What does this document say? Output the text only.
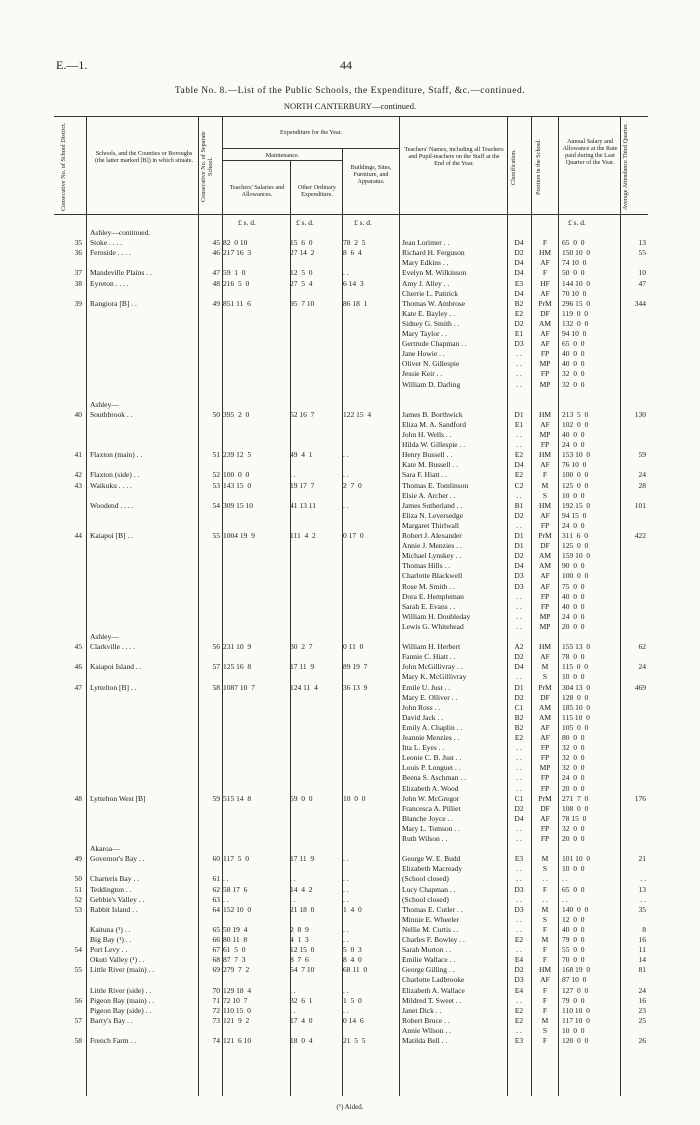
E.—1.	44
Table No. 8.—List of the Public Schools, the Expenditure, Staff, &c.—continued.
NORTH CANTERBURY—continued.
Consecutive No. of School District.	Schools, and the Counties or Boroughs (the latter marked [B]) in which situate. Consecutive No. of Separate School.
Expenditure for the Year.
Maintenance.
Teachers' Salaries and Allowances.
Other Ordinary Expenditure.
Buildings, Sites, Furniture, and Apparatus.
Teachers' Names, including all Teachers and Pupil-teachers on the Staff at the End of the Year.	Classification.	Position in the School.	Annual Salary and Allowance at the Rate paid during the Last Quarter of the Year.	Average Attendance Third Quarter.
£ s. d.	£ s. d.	£ s. d.	£ s. d.
Ashley—continued.
35 Stoke . . . .	45 82  0 10	15  6  0	78  2  5	Jean Lorimer . .	D4	F	65  0  0	13
36 Fernside . . . .	46 217 16  3	27 14  2	8  6  4	Richard H. Ferguson	D2	HM	150 10  0	55
Mary Edkins . .	D4	AF	74 10  0
37 Mandeville Plains . .	47 59  1  0	12  5  0	. .	Evelyn M. Wilkinson	D4	F	50  0  0	10
38 Eyreton . . . .	48 216  5  0	27  5  4	6 14  3	Amy J. Alley . .	E3	HF	144 10  0	47
Cherrie L. Pattrick	D4	AF	70 10  0
39 Rangiora [B] . .	49 851 11  6	95  7 10	86 18  1	Thomas W. Ambrose	B2	PrM	296 15  0	344
Kate E. Bayley . .	E2	DF	119  0  0
Sidney G. Smith . .	D2	AM	132  0  0
Mary Taylor . .	E1	AF	94 10  0
Gertrude Chapman . .	D3	AF	65  0  0
Jane Howie . .	. .	FP	40  0  0
Oliver N. Gillespie	. .	MP	40  0  0
Jessie Keir . .	. .	FP	32  0  0
William D. Darling	. .	MP	32  0  0
Ashley—
40 Southbrook . .	50 395  2  0	52 16  7	122 15  4	James B. Borthwick	D1	HM	213  5  0	130
Eliza M. A. Sandford	E1	AF	102  0  0
John H. Wells . .	. .	MP	40  0  0
Hilda W. Gillespie . .	. .	FP	24  0  0
41 Flaxton (main) . .	51 239 12  5	49  4  1	. .	Henry Bussell . .	E2	HM	153 10  0	59
Kate M. Bussell . .	D4	AF	76 10  0
42 Flaxton (side) . .	52 100  0  0	. .	. .	Sara F. Hiatt . .	E2	F	100  0  0	24
43 Waikuku . . . .	53 143 15  0	19 17  7	2  7  0	Thomas E. Tomlinson	C2	M	125  0  0	28
Elsie A. Archer . .	. .	S	10  0  0
Woodend . . . .	54 309 15 10	41 13 11	. .	James Sutherland . .	B1	HM	192 15  0	101
Eliza N. Leversedge	D2	AF	94 15  0
Margaret Thirlwall	. .	FP	24  0  0
44 Kaiapoi [B] . .	55 1004 19  9	111  4  2	0 17  0	Robert J. Alexander	D1	PrM	311  6  0	422
Annie J. Menzies . .	D1	DF	125  0  0
Michael Lynskey . .	D2	AM	159 10  0
Thomas Hills . .	D4	AM	90  0  0
Charlotte Blackwell	D3	AF	100  0  0
Rose M. Smith . .	D3	AF	75  0  0
Dora E. Hempleman	. .	FP	40  0  0
Sarah E. Evans . .	. .	FP	40  0  0
William H. Doubleday	. .	MP	24  0  0
Lewis G. Whitehead	. .	MP	20  0  0
Ashley—
45 Clarkville . . . .	56 231 10  9	30  2  7	0 11  0	William H. Herbert	A2	HM	155 13  0	62
Fannie C. Hiatt . .	D2	AF	78  0  0
46 Kaiapoi Island . .	57 125 16  8	17 11  9	89 19  7	John McGillivray . .	D4	M	115  0  0	24
Mary K. McGillivray	. .	S	10  0  0
47 Lyttelton [B] . .	58 1087 10  7	124 11  4	36 13  9	Emile U. Just . .	D1	PrM	304 13  0	469
Mary E. Olliver . .	D2	DF	128  0  0
John Ross . .	C1	AM	185 10  0
David Jack . .	B2	AM	115 10  0
Emily A. Chaplin . .	B2	AF	105  0  0
Jeannie Menzies . .	E2	AF	80  0  0
Itta L. Eyes . .	. .	FP	32  0  0
Leonie C. B. Just . .	. .	FP	32  0  0
Louis P. Longuet . .	. .	MP	32  0  0
Beena S. Aschman . .	. .	FP	24  0  0
Elizabeth A. Wood	. .	FP	20  0  0
48 Lyttelton West [B]	59 515 14  8	59  0  0	10  0  0	John W. McGregor	C1	PrM	271  7  0	176
Francesca A. Pilliet	D2	DF	108  0  0
Blanche Joyce . .	D4	AF	78 15  0
Mary L. Tomson . .	. .	FP	32  0  0
Ruth Wilson . .	. .	FP	20  0  0
Akaroa—
49 Governor's Bay . .	60 117  5  0	17 11  9	. .	George W. E. Budd	E3	M	101 10  0	21
Elizabeth Macready	. .	S	10  0  0
50 Charteris Bay . .	61 . .	. .	. .	(School closed)	. .	. .	. .	. .
51 Teddington . .	62 58 17  6	14  4  2	. .	Lucy Chapman . .	D3	F	65  0  0	13
52 Gebbie's Valley . .	63 . .	. .	. .	(School closed)	. .	. .	. .	. .
53 Rabbit Island . .	64 152 10  0	21 18  0	1  4  0	Thomas E. Cutler . .	D3	M	140  0  0	35
Minnie E. Wheeler	. .	S	12  0  0
Kaituna (¹) . .	65 50 19  4	2  8  9	. .	Nellie M. Curtis . .	. .	F	40  0  0	8
Big Bay (¹) . .	66 80 11  8	4  1  3	. .	Charles F. Bowley . .	E2	M	79  0  0	16
54 Port Levy . .	67 61  5  0	12 15  0	5  0  3	Sarah Morton . .	. .	F	55  0  0	11
Okuti Valley (¹) . .	68 87  7  3	8  7  6	8  4  0	Emilie Wallace . .	E4	F	70  0  0	14
55 Little River (main) . .	69 279  7  2	54  7 10	68 11  0	George Gilling . .	D2	HM	168 19  0	81
Charlotte Ladbrooke	D3	AF	87 10  0
Little River (side) . .	70 129 18  4	. .	. .	Elizabeth A. Wallace	E4	F	127  0  0	24
56 Pigeon Bay (main) . .	71 72 10  7	32  6  1	1  5  0	Mildred T. Sweet . .	. .	F	79  0  0	16
Pigeon Bay (side) . .	72 110 15  0	. .	. .	Janet Dick . .	E2	F	110 10  0	23
57 Barry's Bay . .	73 121  9  2	17  4  0	0 14  6	Robert Bruce . .	E2	M	117 10  0	25
Annie Wilson . .	. .	S	10  0  0
58 French Farm . .	74 121  6 10	18  0  4	21  5  5	Matilda Bell . .	E3	F	120  0  0	26
(¹) Aided.
